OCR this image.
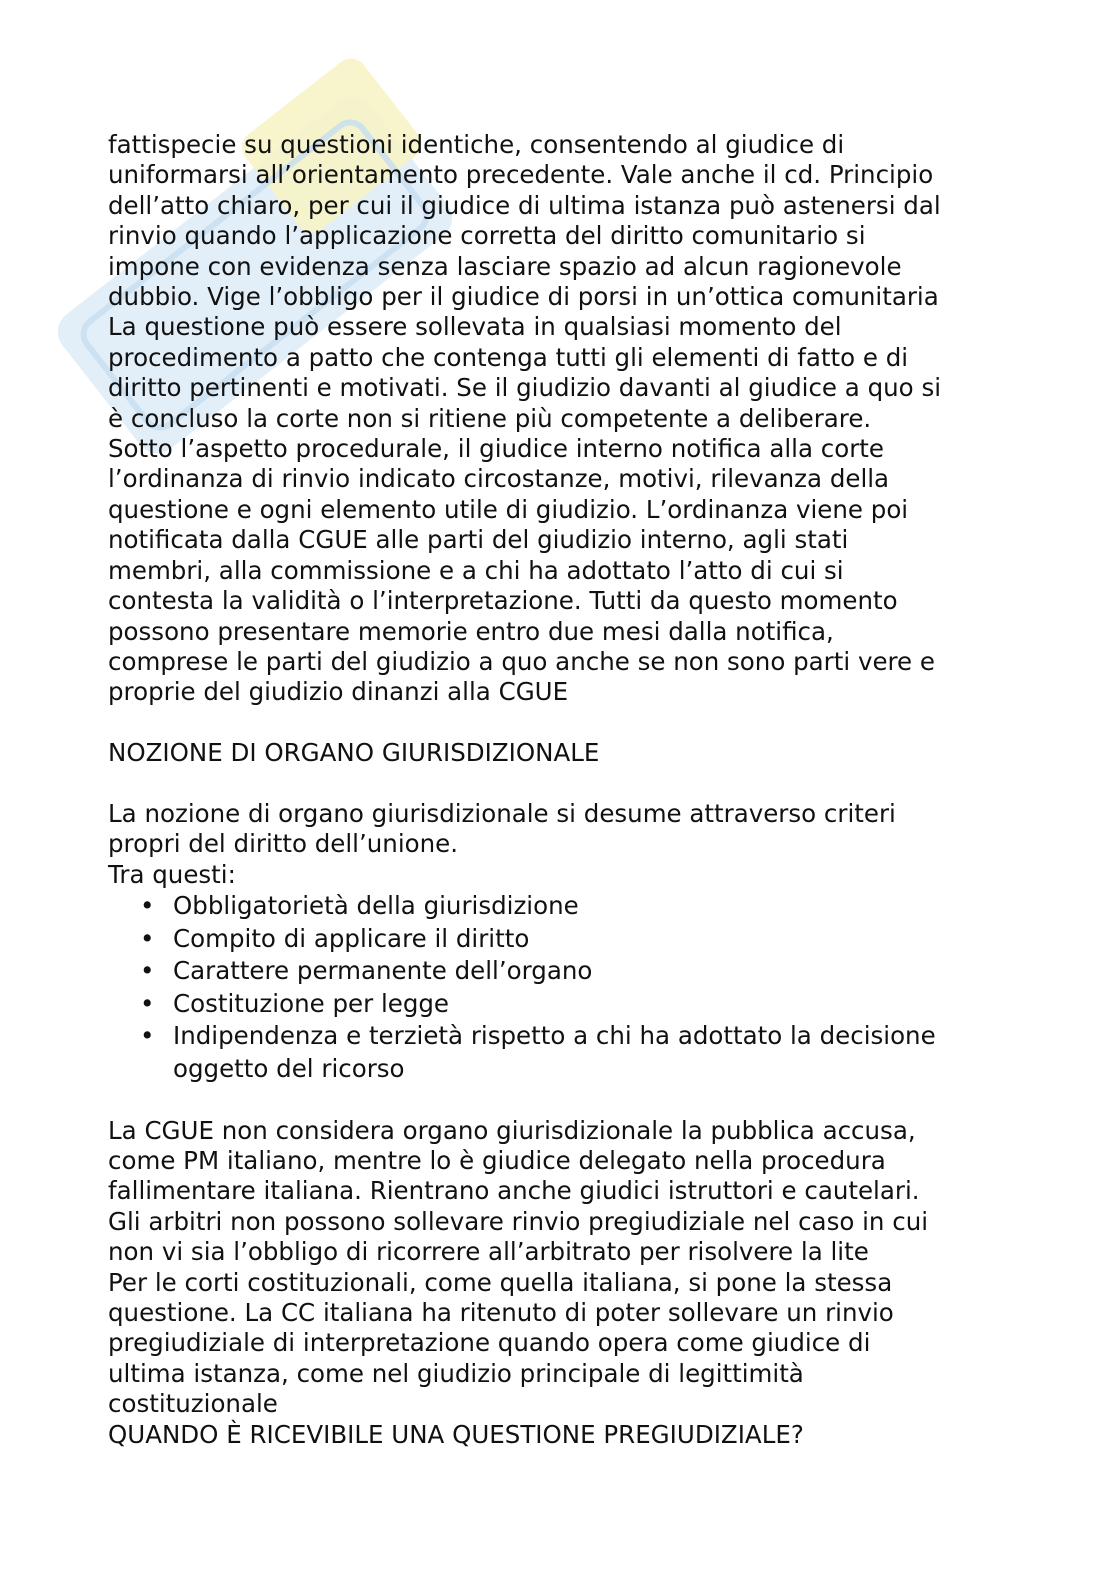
fattispecie su questioni identiche, consentendo al giudice di
uniformarsi all’orientamento precedente. Vale anche il cd. Principio
dell’atto chiaro, per cui il giudice di ultima istanza può astenersi dal
rinvio quando l’applicazione corretta del diritto comunitario si
impone con evidenza senza lasciare spazio ad alcun ragionevole
dubbio. Vige l’obbligo per il giudice di porsi in un’ottica comunitaria
La questione può essere sollevata in qualsiasi momento del
procedimento a patto che contenga tutti gli elementi di fatto e di
diritto pertinenti e motivati. Se il giudizio davanti al giudice a quo si
è concluso la corte non si ritiene più competente a deliberare.
Sotto l’aspetto procedurale, il giudice interno notifica alla corte
l’ordinanza di rinvio indicato circostanze, motivi, rilevanza della
questione e ogni elemento utile di giudizio. L’ordinanza viene poi
notificata dalla CGUE alle parti del giudizio interno, agli stati
membri, alla commissione e a chi ha adottato l’atto di cui si
contesta la validità o l’interpretazione. Tutti da questo momento
possono presentare memorie entro due mesi dalla notifica,
comprese le parti del giudizio a quo anche se non sono parti vere e
proprie del giudizio dinanzi alla CGUE
NOZIONE DI ORGANO GIURISDIZIONALE
La nozione di organo giurisdizionale si desume attraverso criteri
propri del diritto dell’unione.
Tra questi:
• Obbligatorietà della giurisdizione
• Compito di applicare il diritto
• Carattere permanente dell’organo
• Costituzione per legge
• Indipendenza e terzietà rispetto a chi ha adottato la decisione
oggetto del ricorso
La CGUE non considera organo giurisdizionale la pubblica accusa,
come PM italiano, mentre lo è giudice delegato nella procedura
fallimentare italiana. Rientrano anche giudici istruttori e cautelari.
Gli arbitri non possono sollevare rinvio pregiudiziale nel caso in cui
non vi sia l’obbligo di ricorrere all’arbitrato per risolvere la lite
Per le corti costituzionali, come quella italiana, si pone la stessa
questione. La CC italiana ha ritenuto di poter sollevare un rinvio
pregiudiziale di interpretazione quando opera come giudice di
ultima istanza, come nel giudizio principale di legittimità
costituzionale
QUANDO È RICEVIBILE UNA QUESTIONE PREGIUDIZIALE?
